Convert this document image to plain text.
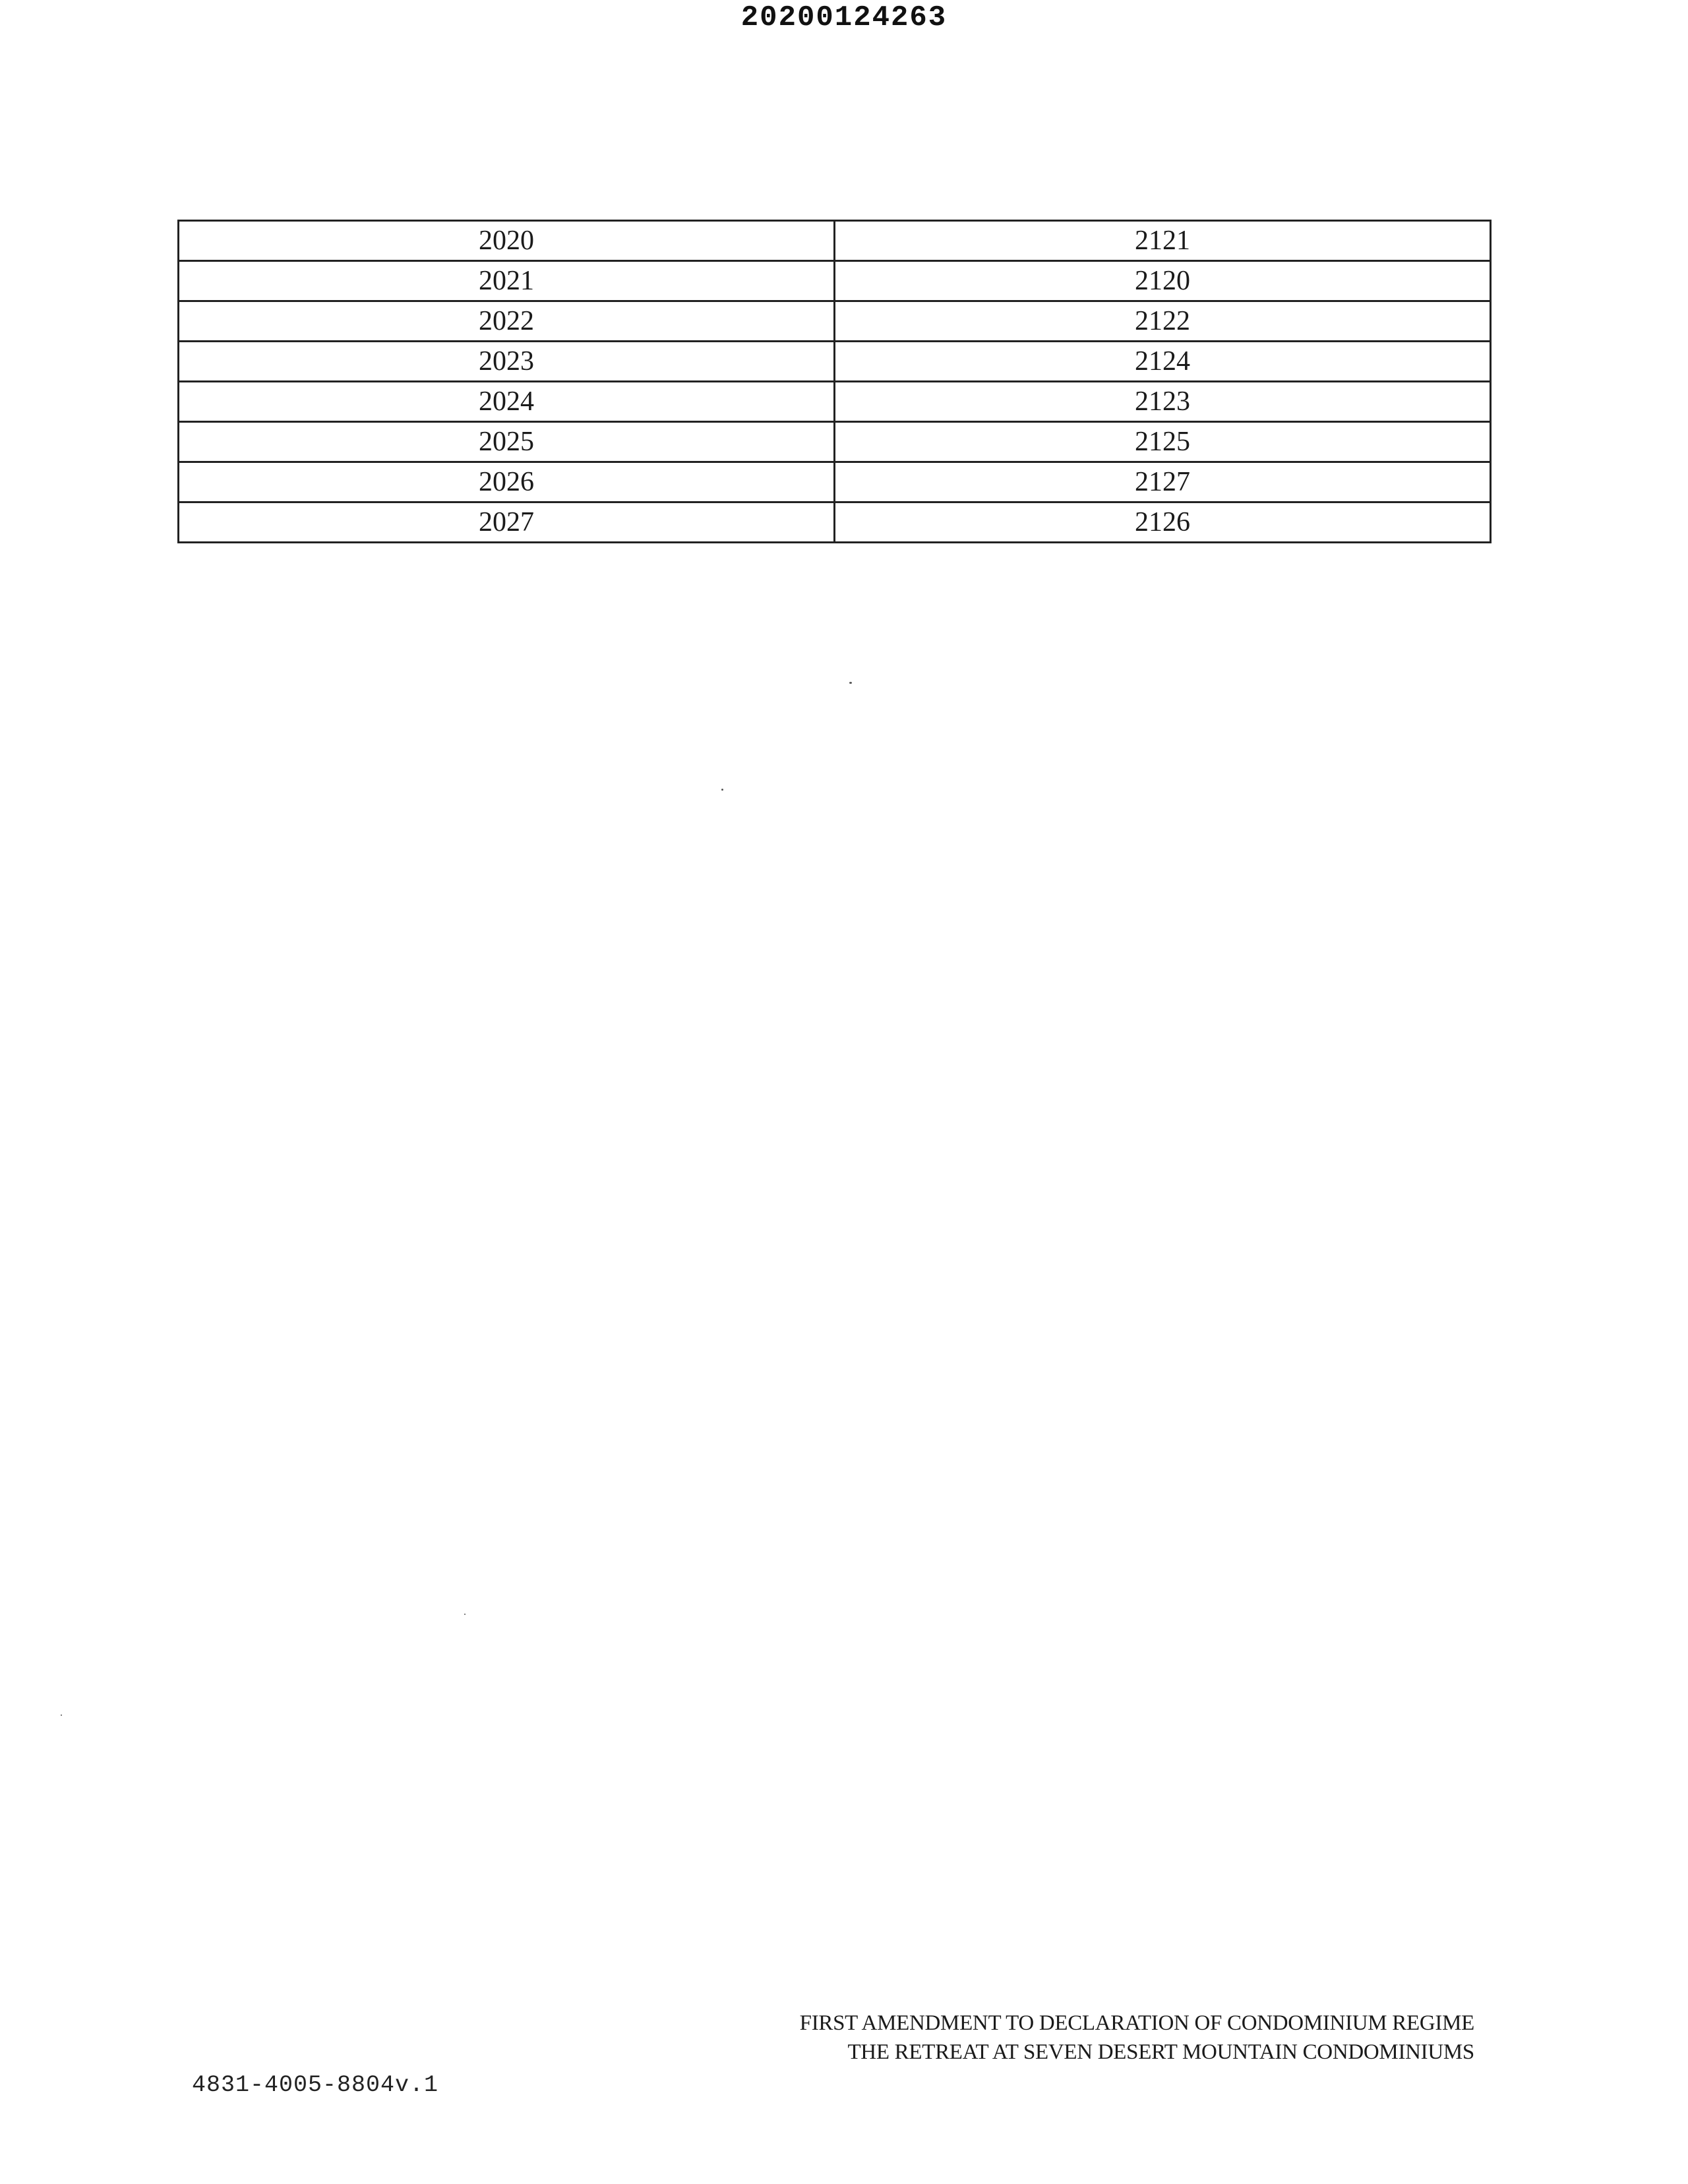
20200124263
2020	2121
2021	2120
2022	2122
2023	2124
2024	2123
2025	2125
2026	2127
2027	2126
FIRST AMENDMENT TO DECLARATION OF CONDOMINIUM REGIME
THE RETREAT AT SEVEN DESERT MOUNTAIN CONDOMINIUMS
4831-4005-8804v.1
